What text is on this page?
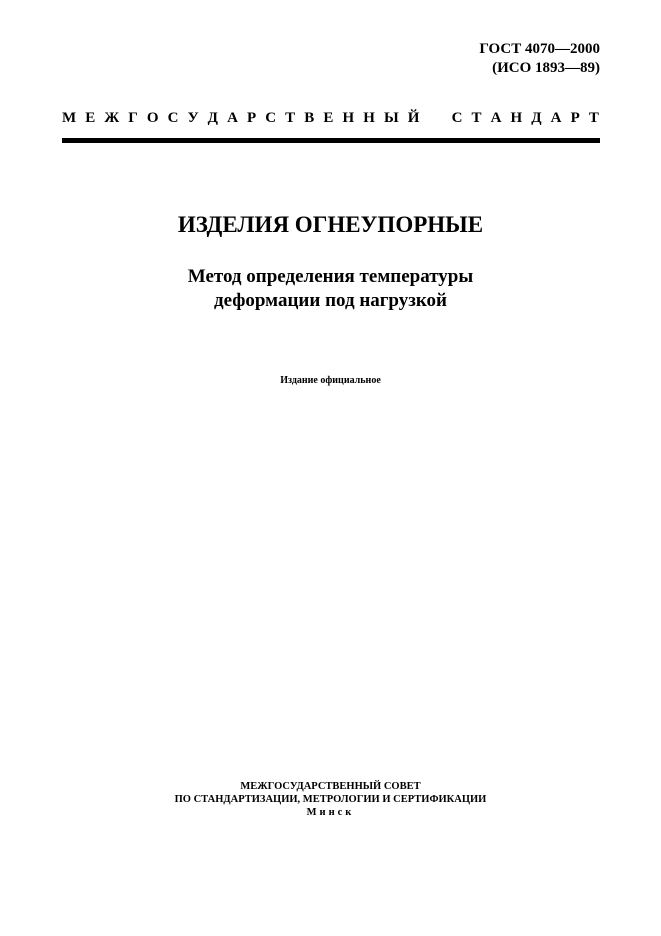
ГОСТ 4070—2000
(ИСО 1893—89)
М Е Ж Г О С У Д А Р С Т В Е Н Н Ы Й С Т А Н Д А Р Т
ИЗДЕЛИЯ ОГНЕУПОРНЫЕ
Метод определения температуры
деформации под нагрузкой
Издание официальное
МЕЖГОСУДАРСТВЕННЫЙ СОВЕТ
ПО СТАНДАРТИЗАЦИИ, МЕТРОЛОГИИ И СЕРТИФИКАЦИИ
Минск
